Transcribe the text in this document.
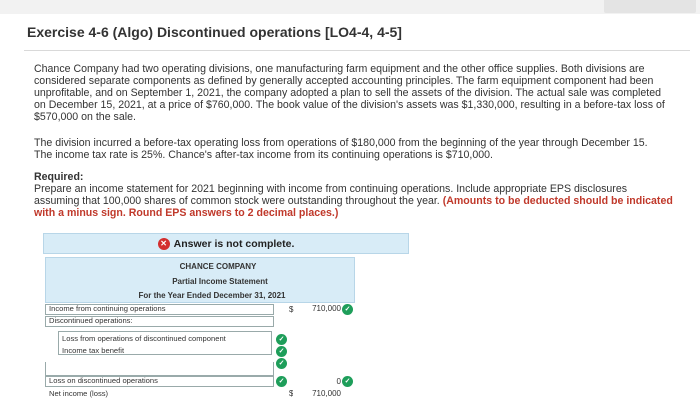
Exercise 4-6 (Algo) Discontinued operations [LO4-4, 4-5]
Chance Company had two operating divisions, one manufacturing farm equipment and the other office supplies. Both divisions are
considered separate components as defined by generally accepted accounting principles. The farm equipment component had been
unprofitable, and on September 1, 2021, the company adopted a plan to sell the assets of the division. The actual sale was completed
on December 15, 2021, at a price of $760,000. The book value of the division's assets was $1,330,000, resulting in a before-tax loss of
$570,000 on the sale.
The division incurred a before-tax operating loss from operations of $180,000 from the beginning of the year through December 15.
The income tax rate is 25%. Chance's after-tax income from its continuing operations is $710,000.
Required:
Prepare an income statement for 2021 beginning with income from continuing operations. Include appropriate EPS disclosures
assuming that 100,000 shares of common stock were outstanding throughout the year. (Amounts to be deducted should be indicated
with a minus sign. Round EPS answers to 2 decimal places.)
✕ Answer is not complete.
CHANCE COMPANY
Partial Income Statement
For the Year Ended December 31, 2021
Income from continuing operations	$	710,000 ✓
Discontinued operations:
Loss from operations of discontinued component	✓
Income tax benefit	✓
✓
Loss on discontinued operations	✓	0 ✓
Net income (loss)	$	710,000
